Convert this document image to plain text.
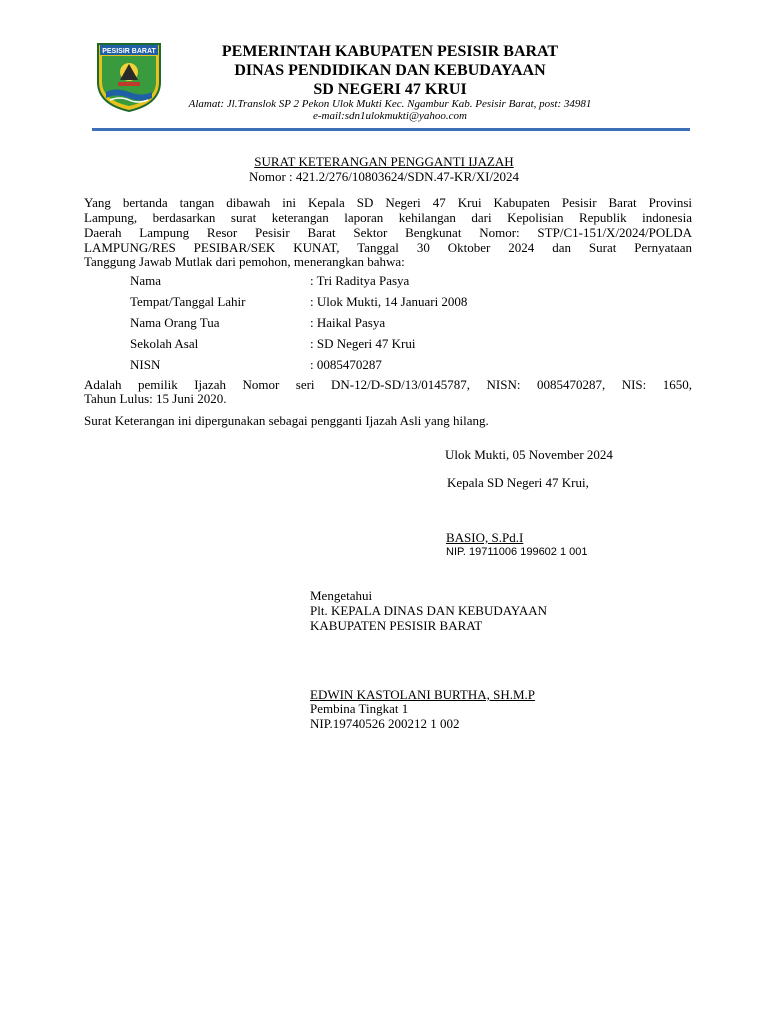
PESISIR BARAT	PEMERINTAH KABUPATEN PESISIR BARAT
DINAS PENDIDIKAN DAN KEBUDAYAAN
SD NEGERI 47 KRUI
Alamat: Jl.Translok SP 2 Pekon Ulok Mukti Kec. Ngambur Kab. Pesisir Barat, post: 34981
e-mail:sdn1ulokmukti@yahoo.com
SURAT KETERANGAN PENGGANTI IJAZAH
Nomor : 421.2/276/10803624/SDN.47-KR/XI/2024
Yang bertanda tangan dibawah ini Kepala SD Negeri 47 Krui Kabupaten Pesisir Barat Provinsi
Lampung, berdasarkan surat keterangan laporan kehilangan dari Kepolisian Republik indonesia
Daerah Lampung Resor Pesisir Barat Sektor Bengkunat Nomor: STP/C1-151/X/2024/POLDA
LAMPUNG/RES PESIBAR/SEK KUNAT, Tanggal 30 Oktober 2024 dan Surat Pernyataan
Tanggung Jawab Mutlak dari pemohon, menerangkan bahwa:
Nama	: Tri Raditya Pasya
Tempat/Tanggal Lahir	: Ulok Mukti, 14 Januari 2008
Nama Orang Tua	: Haikal Pasya
Sekolah Asal	: SD Negeri 47 Krui
NISN	: 0085470287
Adalah pemilik Ijazah Nomor seri DN-12/D-SD/13/0145787, NISN: 0085470287, NIS: 1650,
Tahun Lulus: 15 Juni 2020.
Surat Keterangan ini dipergunakan sebagai pengganti Ijazah Asli yang hilang.
Ulok Mukti, 05 November 2024
Kepala SD Negeri 47 Krui,
BASIO, S.Pd.I
NIP. 19711006 199602 1 001
Mengetahui
Plt. KEPALA DINAS DAN KEBUDAYAAN
KABUPATEN PESISIR BARAT
EDWIN KASTOLANI BURTHA, SH.M.P
Pembina Tingkat 1
NIP.19740526 200212 1 002
